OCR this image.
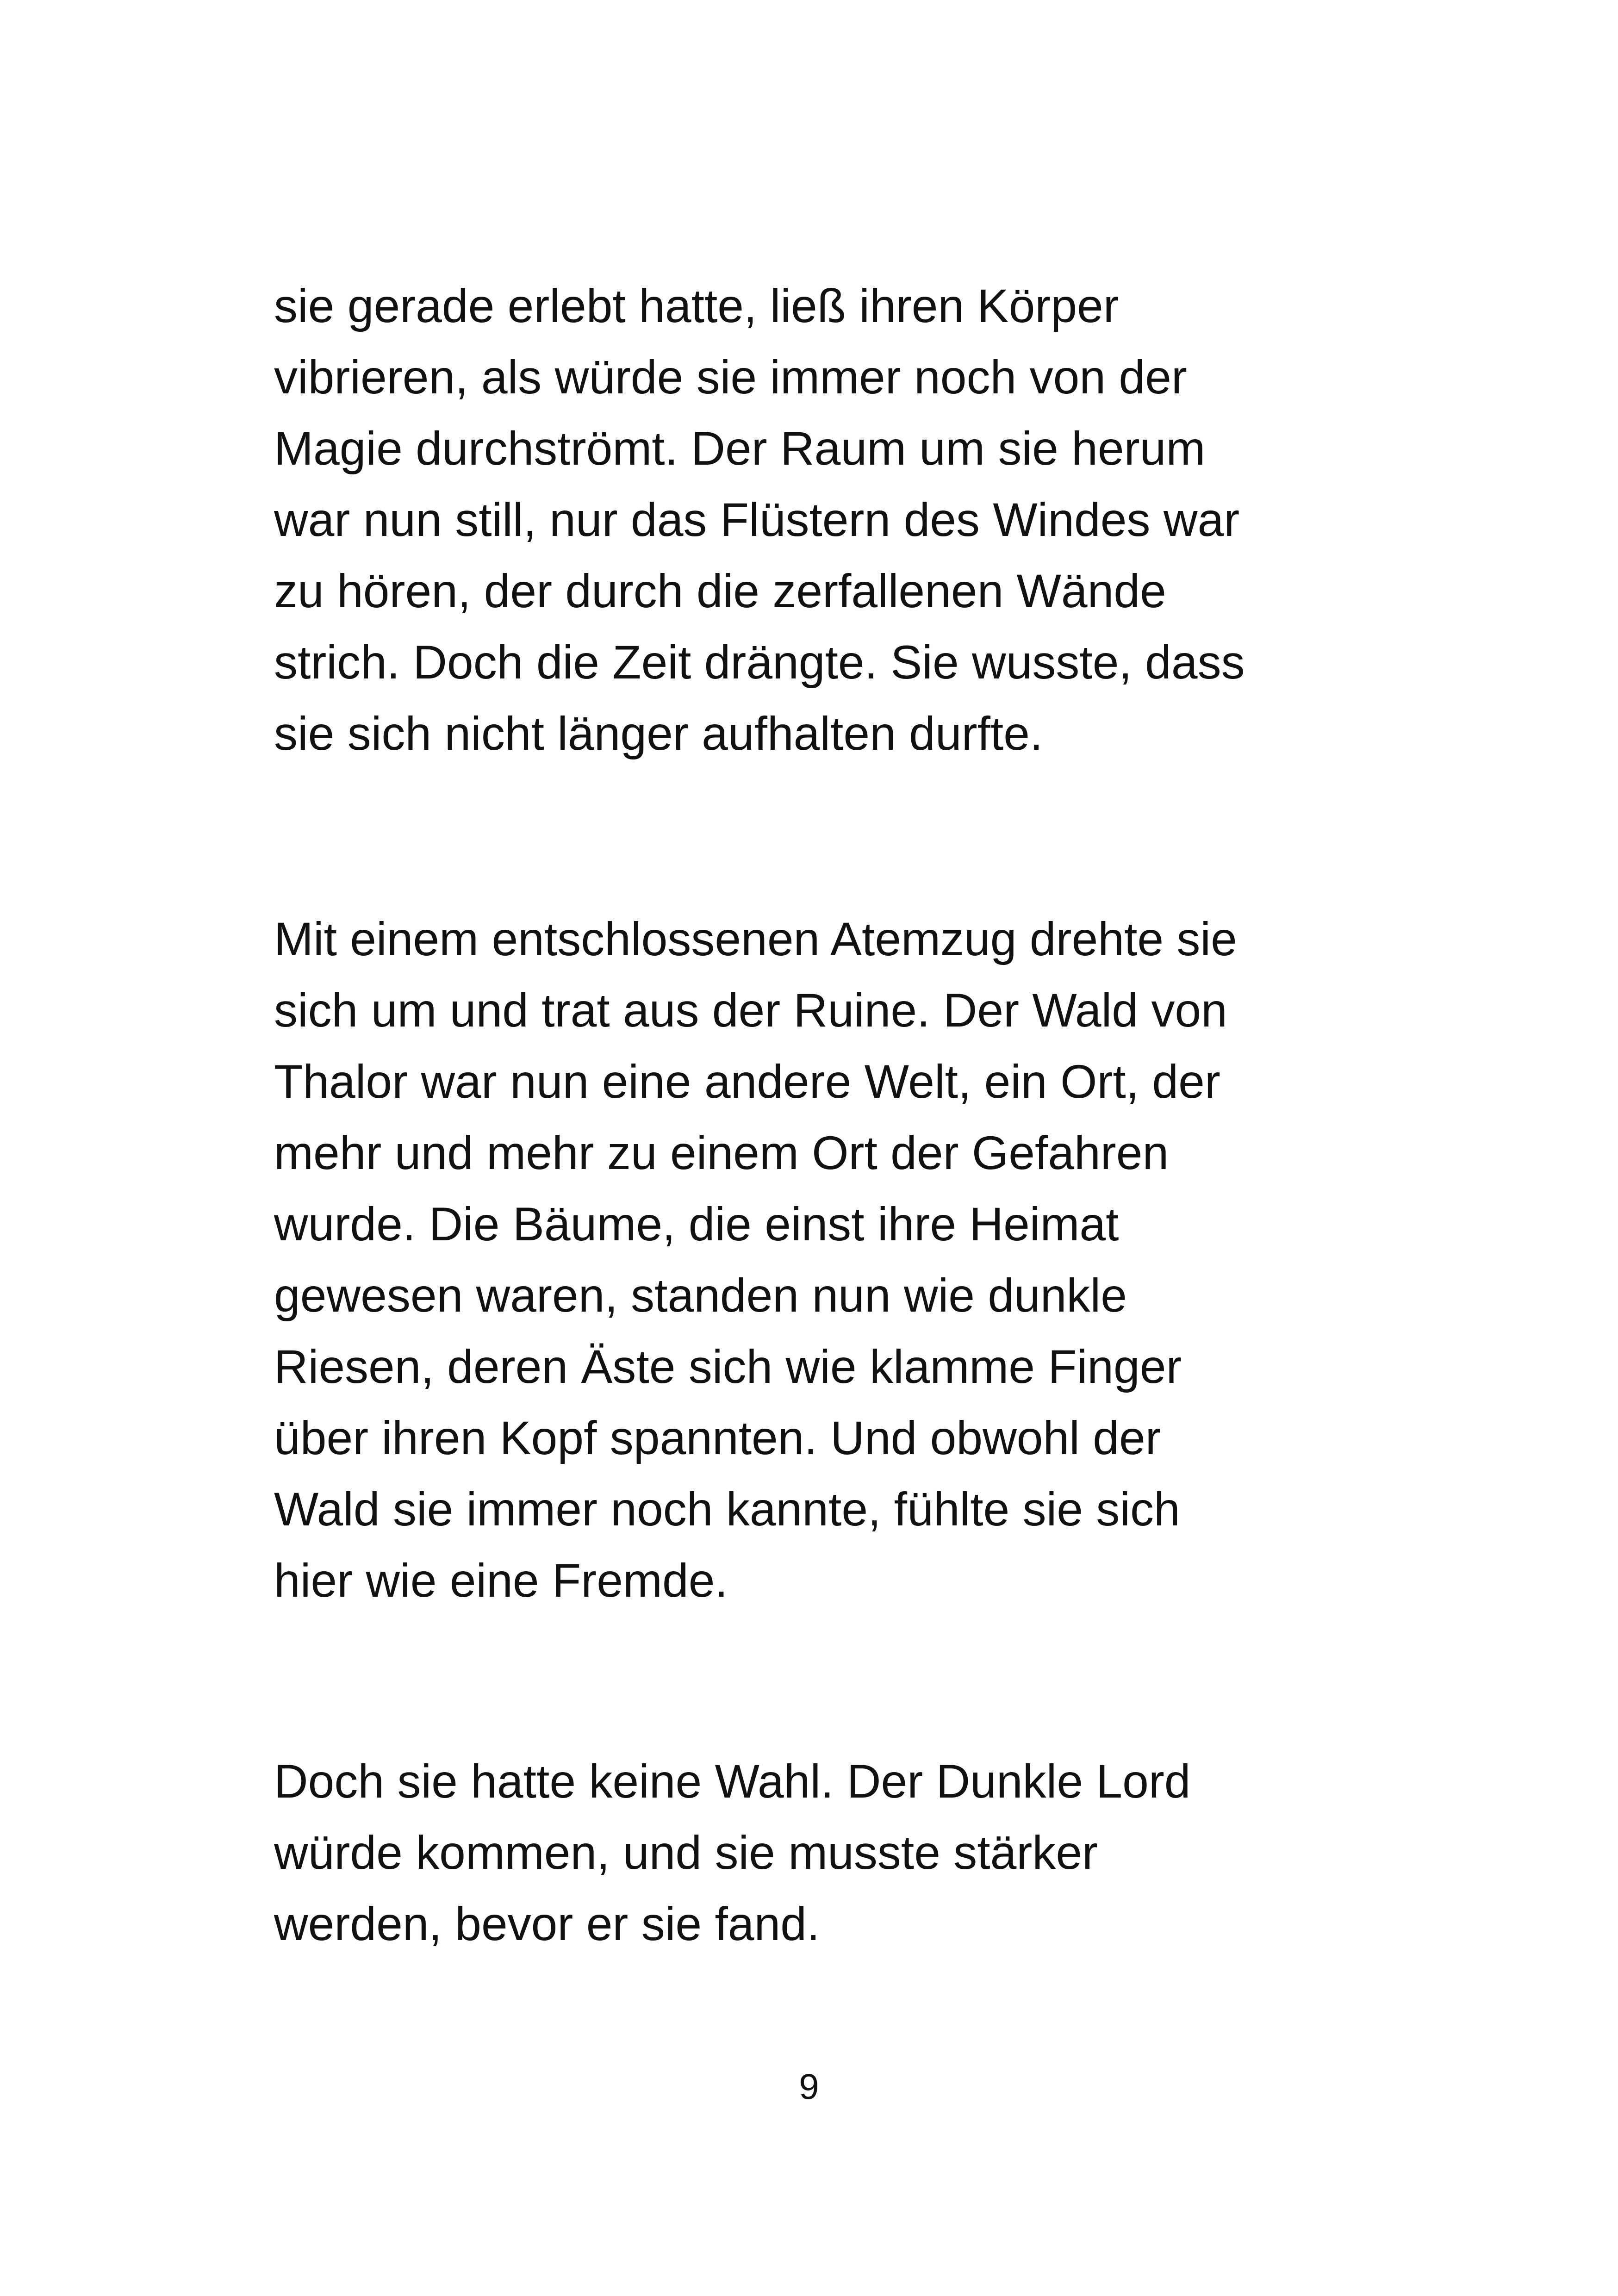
sie gerade erlebt hatte, ließ ihren Körper
vibrieren, als würde sie immer noch von der
Magie durchströmt. Der Raum um sie herum
war nun still, nur das Flüstern des Windes war
zu hören, der durch die zerfallenen Wände
strich. Doch die Zeit drängte. Sie wusste, dass
sie sich nicht länger aufhalten durfte.
Mit einem entschlossenen Atemzug drehte sie
sich um und trat aus der Ruine. Der Wald von
Thalor war nun eine andere Welt, ein Ort, der
mehr und mehr zu einem Ort der Gefahren
wurde. Die Bäume, die einst ihre Heimat
gewesen waren, standen nun wie dunkle
Riesen, deren Äste sich wie klamme Finger
über ihren Kopf spannten. Und obwohl der
Wald sie immer noch kannte, fühlte sie sich
hier wie eine Fremde.
Doch sie hatte keine Wahl. Der Dunkle Lord
würde kommen, und sie musste stärker
werden, bevor er sie fand.
9
